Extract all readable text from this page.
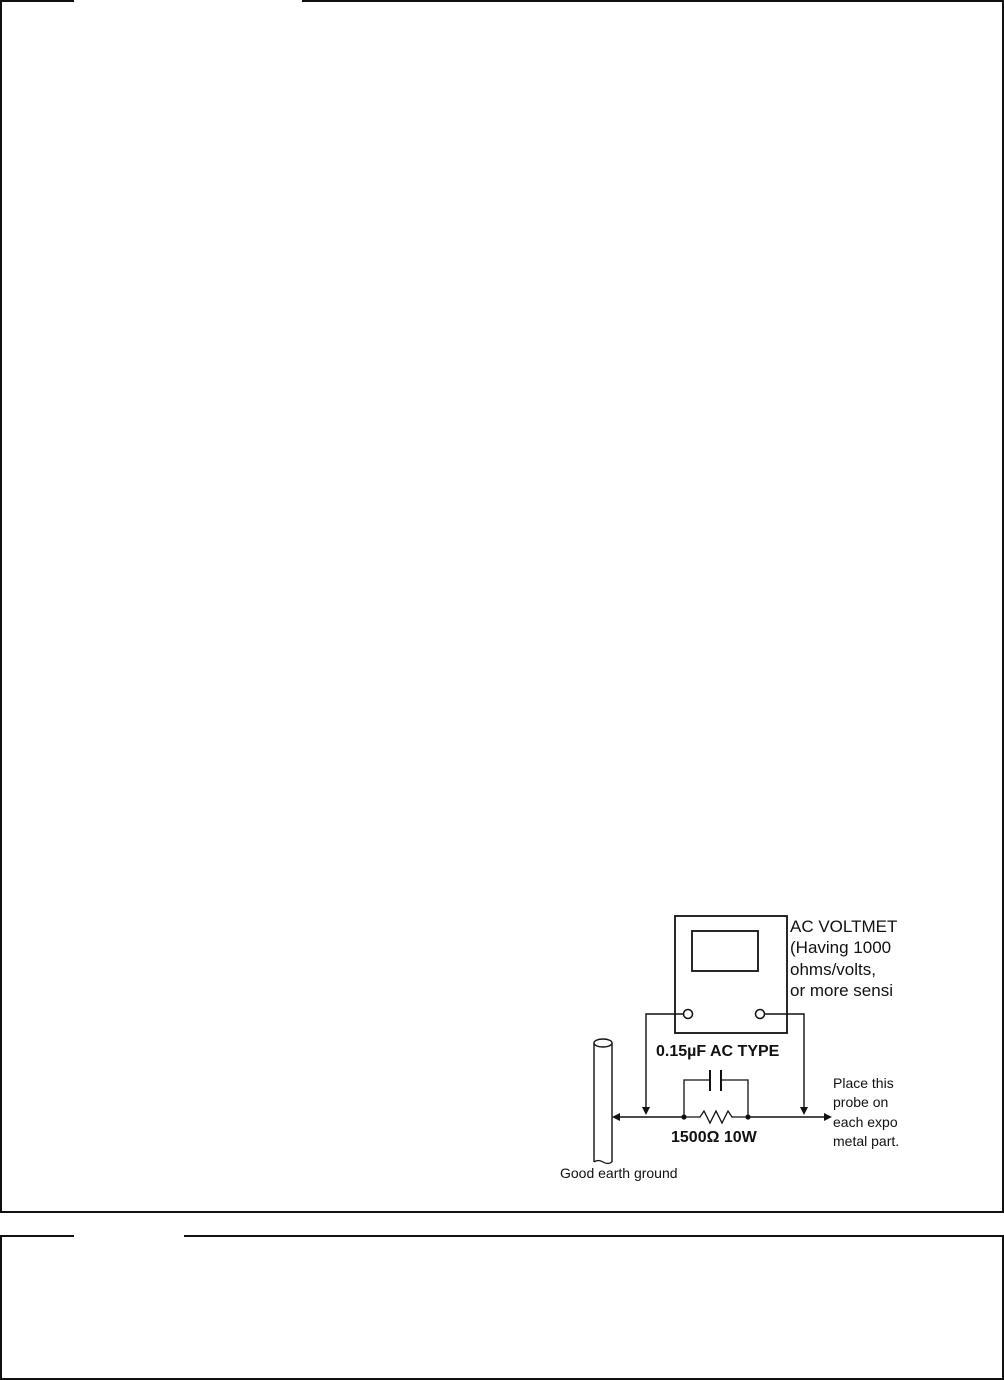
AC VOLTMET
(Having 1000
ohms/volts,
or more sensi
0.15µF AC TYPE
1500Ω 10W
Place this
probe on
each expo
metal part.
Good earth ground
